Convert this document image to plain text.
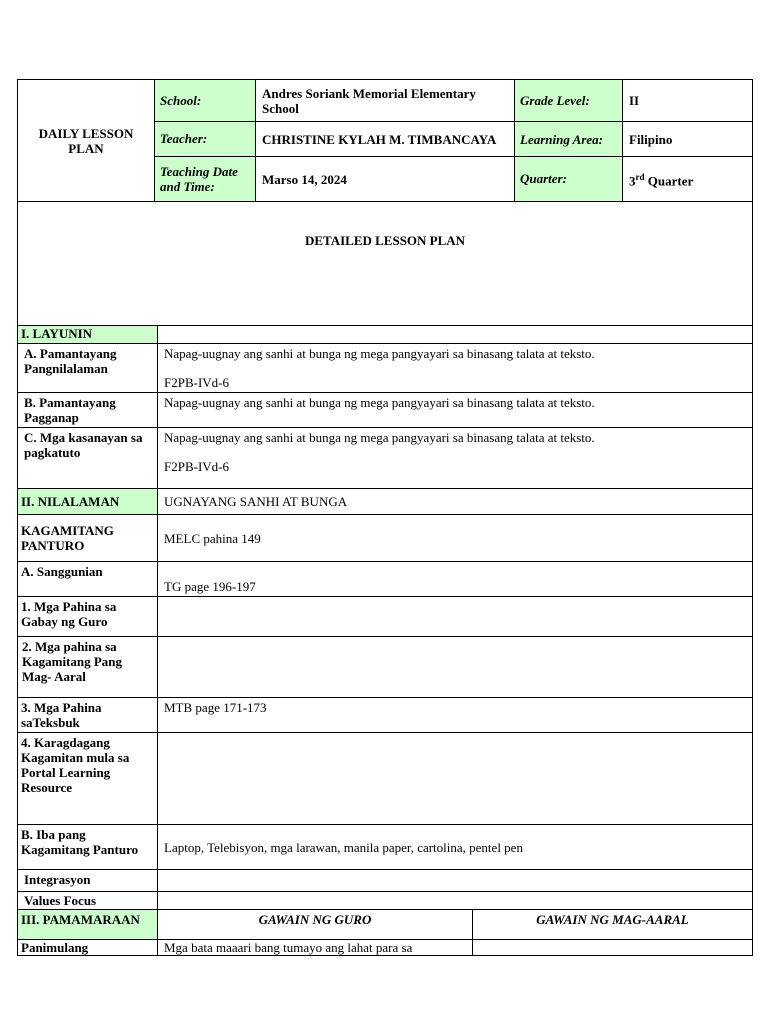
DAILY LESSON PLAN	School:	Andres Soriank Memorial Elementary School	Grade Level:	II
	Teacher:	CHRISTINE KYLAH M. TIMBANCAYA	Learning Area:	Filipino
	Teaching Date and Time:	Marso 14, 2024	Quarter:	3rd Quarter
DETAILED LESSON PLAN		
I. LAYUNIN		
A. Pamantayang Pangnilalaman	Napag-uugnay ang sanhi at bunga ng mega pangyayari sa binasang talata at teksto.
F2PB-IVd-6	

B. Pamantayang Pagganap	Napag-uugnay ang sanhi at bunga ng mega pangyayari sa binasang talata at teksto.	
C. Mga kasanayan sa pagkatuto	Napag-uugnay ang sanhi at bunga ng mega pangyayari sa binasang talata at teksto.
F2PB-IVd-6	

II. NILALAMAN	UGNAYANG SANHI AT BUNGA	
KAGAMITANG PANTURO	MELC pahina 149	
A. Sanggunian	TG page 196-197	
1. Mga Pahina sa Gabay ng Guro		
2. Mga pahina sa Kagamitang Pang Mag- Aaral		
3. Mga Pahina saTeksbuk	MTB page 171-173	
4. Karagdagang Kagamitan mula sa Portal Learning Resource		
B. Iba pang Kagamitang Panturo	Laptop, Telebisyon, mga larawan, manila paper, cartolina, pentel pen	
Integrasyon		
Values Focus		
III. PAMAMARAAN	GAWAIN NG GURO	GAWAIN NG MAG-AARAL
Panimulang	Mga bata maaari bang tumayo ang lahat para sa	
